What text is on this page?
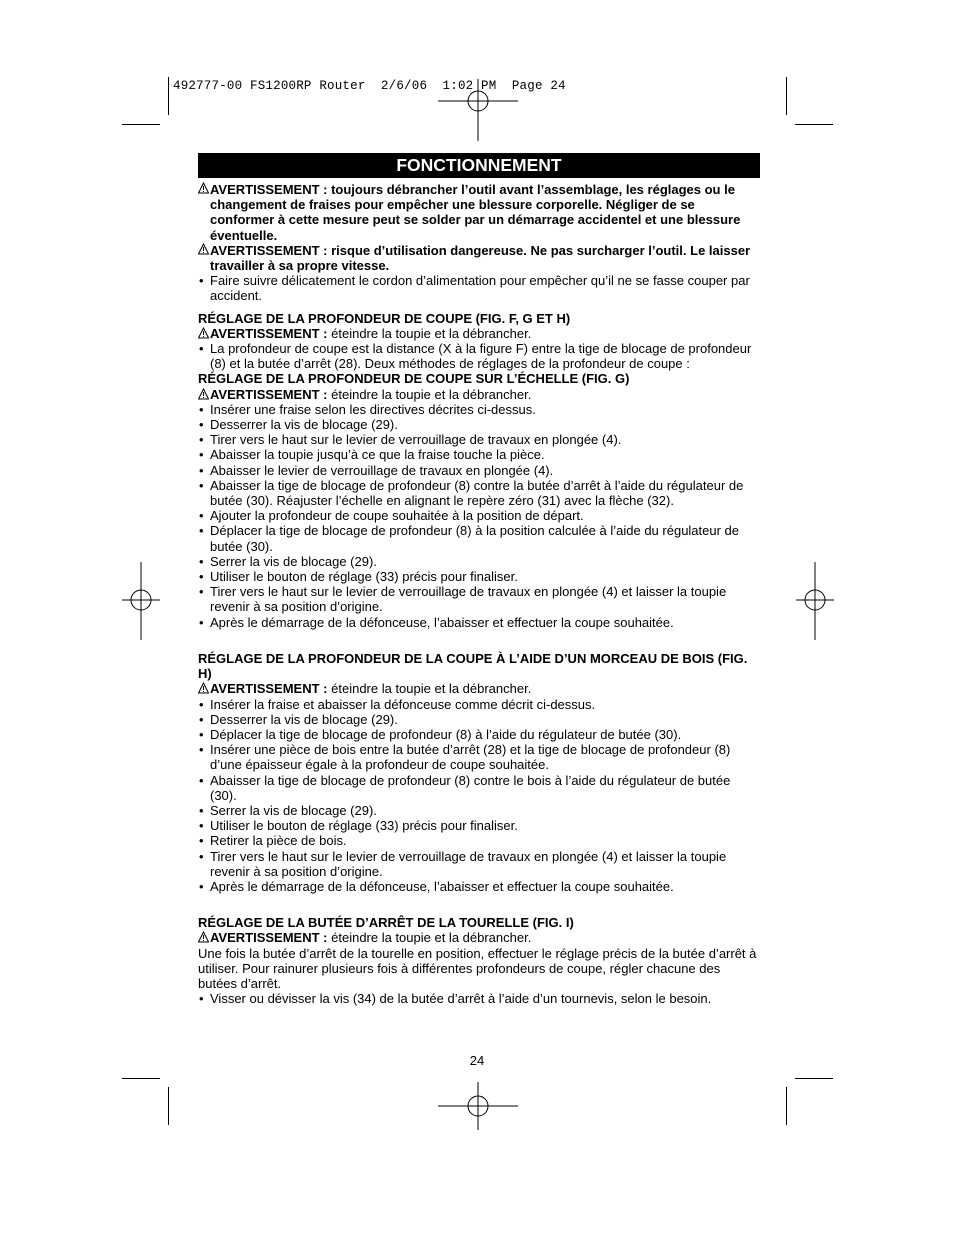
492777-00 FS1200RP Router  2/6/06  1:02 PM  Page 24
FONCTIONNEMENT
AVERTISSEMENT : toujours débrancher l’outil avant l’assemblage, les réglages ou le changement de fraises pour empêcher une blessure corporelle. Négliger de se conformer à cette mesure peut se solder par un démarrage accidentel et une blessure éventuelle.
AVERTISSEMENT : risque d’utilisation dangereuse. Ne pas surcharger l’outil. Le laisser travailler à sa propre vitesse.
• Faire suivre délicatement le cordon d’alimentation pour empêcher qu’il ne se fasse couper par accident.
RÉGLAGE DE LA PROFONDEUR DE COUPE (FIG. F, G ET H)
AVERTISSEMENT : éteindre la toupie et la débrancher.
• La profondeur de coupe est la distance (X à la figure F) entre la tige de blocage de profondeur (8) et la butée d’arrêt (28). Deux méthodes de réglages de la profondeur de coupe :
RÉGLAGE DE LA PROFONDEUR DE COUPE SUR L’ÉCHELLE (FIG. G)
AVERTISSEMENT : éteindre la toupie et la débrancher.
• Insérer une fraise selon les directives décrites ci-dessus.
• Desserrer la vis de blocage (29).
• Tirer vers le haut sur le levier de verrouillage de travaux en plongée (4).
• Abaisser la toupie jusqu’à ce que la fraise touche la pièce.
• Abaisser le levier de verrouillage de travaux en plongée (4).
• Abaisser la tige de blocage de profondeur (8) contre la butée d’arrêt à l’aide du régulateur de butée (30). Réajuster l’échelle en alignant le repère zéro (31) avec la flèche (32).
• Ajouter la profondeur de coupe souhaitée à la position de départ.
• Déplacer la tige de blocage de profondeur (8) à la position calculée à l’aide du régulateur de butée (30).
• Serrer la vis de blocage (29).
• Utiliser le bouton de réglage (33) précis pour finaliser.
• Tirer vers le haut sur le levier de verrouillage de travaux en plongée (4) et laisser la toupie revenir à sa position d’origine.
• Après le démarrage de la défonceuse, l’abaisser et effectuer la coupe souhaitée.
RÉGLAGE DE LA PROFONDEUR DE LA COUPE À L’AIDE D’UN MORCEAU DE BOIS (FIG. H)
AVERTISSEMENT : éteindre la toupie et la débrancher.
• Insérer la fraise et abaisser la défonceuse comme décrit ci-dessus.
• Desserrer la vis de blocage (29).
• Déplacer la tige de blocage de profondeur (8) à l’aide du régulateur de butée (30).
• Insérer une pièce de bois entre la butée d’arrêt (28) et la tige de blocage de profondeur (8) d’une épaisseur égale à la profondeur de coupe souhaitée.
• Abaisser la tige de blocage de profondeur (8) contre le bois à l’aide du régulateur de butée (30).
• Serrer la vis de blocage (29).
• Utiliser le bouton de réglage (33) précis pour finaliser.
• Retirer la pièce de bois.
• Tirer vers le haut sur le levier de verrouillage de travaux en plongée (4) et laisser la toupie revenir à sa position d’origine.
• Après le démarrage de la défonceuse, l’abaisser et effectuer la coupe souhaitée.
RÉGLAGE DE LA BUTÉE D’ARRÊT DE LA TOURELLE (FIG. I)
AVERTISSEMENT : éteindre la toupie et la débrancher.

Une fois la butée d’arrêt de la tourelle en position, effectuer le réglage précis de la butée d’arrêt à utiliser. Pour rainurer plusieurs fois à différentes profondeurs de coupe, régler chacune des butées d’arrêt.

• Visser ou dévisser la vis (34) de la butée d’arrêt à l’aide d’un tournevis, selon le besoin.
24
